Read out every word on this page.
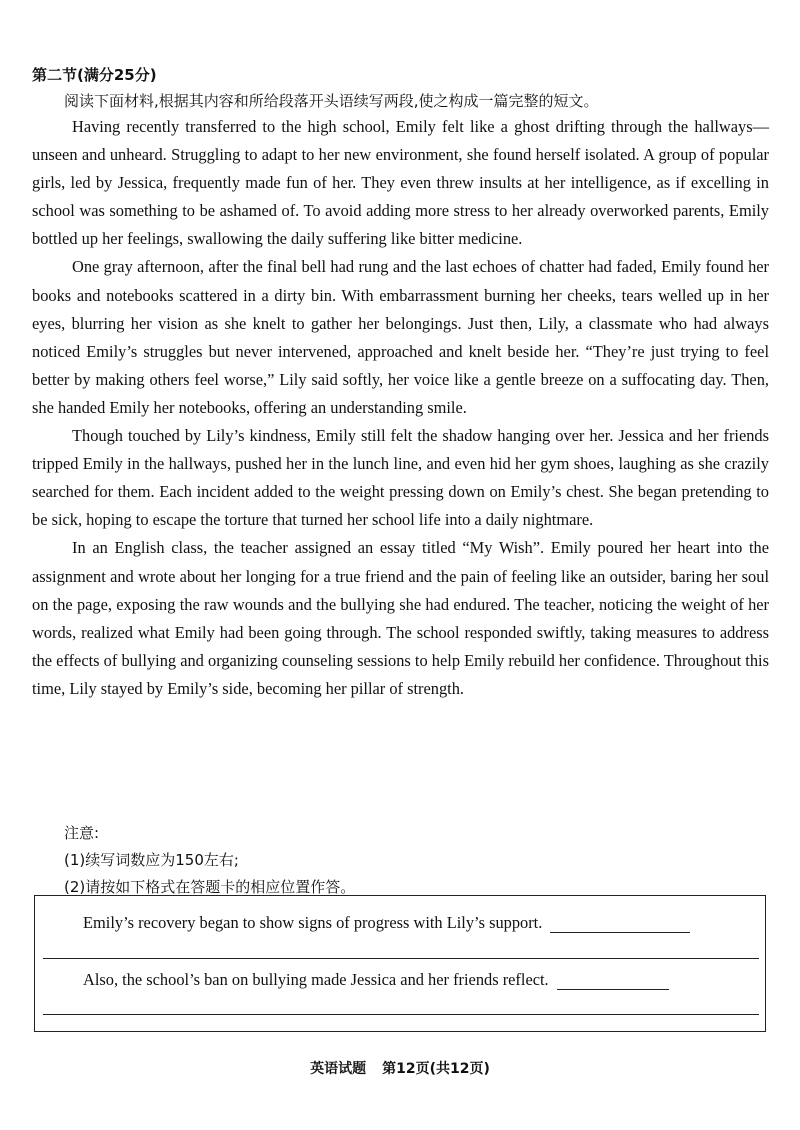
第二节(满分25分)
阅读下面材料,根据其内容和所给段落开头语续写两段,使之构成一篇完整的短文。

Having recently transferred to the high school, Emily felt like a ghost drifting through the hallways—unseen and unheard. Struggling to adapt to her new environment, she found herself isolated. A group of popular girls, led by Jessica, frequently made fun of her. They even threw insults at her intelligence, as if excelling in school was something to be ashamed of. To avoid adding more stress to her already overworked parents, Emily bottled up her feelings, swallowing the daily suffering like bitter medicine.

One gray afternoon, after the final bell had rung and the last echoes of chatter had faded, Emily found her books and notebooks scattered in a dirty bin. With embarrassment burning her cheeks, tears welled up in her eyes, blurring her vision as she knelt to gather her belongings. Just then, Lily, a classmate who had always noticed Emily’s struggles but never intervened, approached and knelt beside her. “They’re just trying to feel better by making others feel worse,” Lily said softly, her voice like a gentle breeze on a suffocating day. Then, she handed Emily her notebooks, offering an understanding smile.

Though touched by Lily’s kindness, Emily still felt the shadow hanging over her. Jessica and her friends tripped Emily in the hallways, pushed her in the lunch line, and even hid her gym shoes, laughing as she crazily searched for them. Each incident added to the weight pressing down on Emily’s chest. She began pretending to be sick, hoping to escape the torture that turned her school life into a daily nightmare.

In an English class, the teacher assigned an essay titled “My Wish”. Emily poured her heart into the assignment and wrote about her longing for a true friend and the pain of feeling like an outsider, baring her soul on the page, exposing the raw wounds and the bullying she had endured. The teacher, noticing the weight of her words, realized what Emily had been going through. The school responded swiftly, taking measures to address the effects of bullying and organizing counseling sessions to help Emily rebuild her confidence. Throughout this time, Lily stayed by Emily’s side, becoming her pillar of strength.

注意:
(1)续写词数应为150左右;
(2)请按如下格式在答题卡的相应位置作答。
Emily’s recovery began to show signs of progress with Lily’s support.
Also, the school’s ban on bullying made Jessica and her friends reflect.
英语试题 第12页(共12页)
